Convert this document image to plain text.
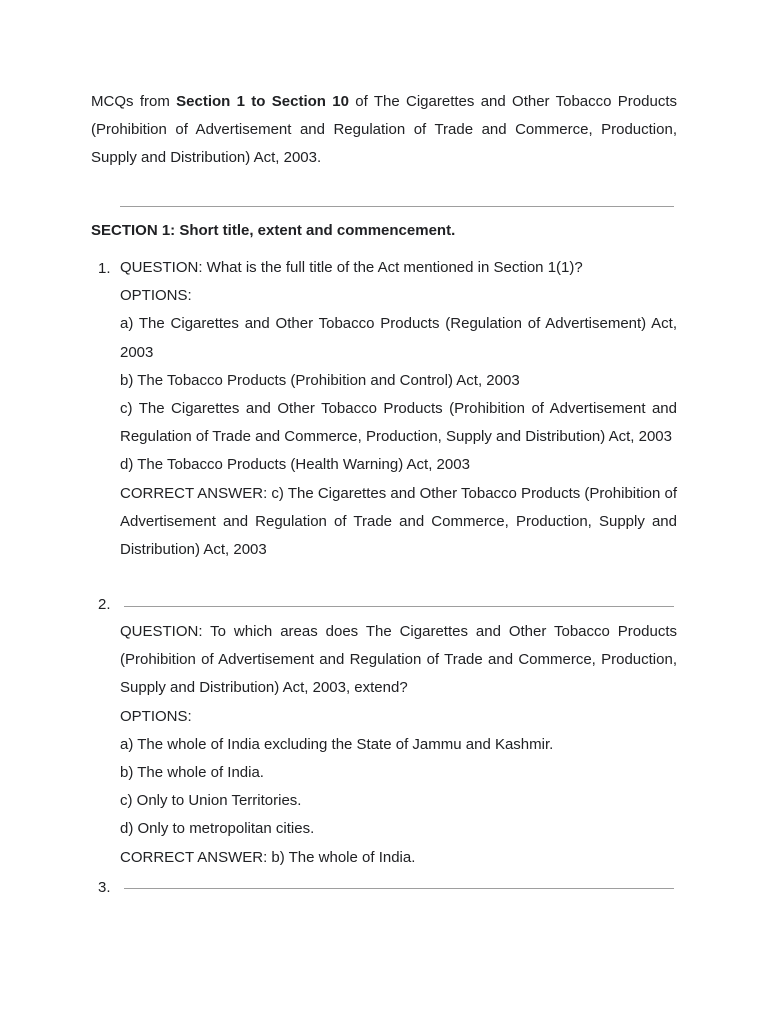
MCQs from Section 1 to Section 10 of The Cigarettes and Other Tobacco Products (Prohibition of Advertisement and Regulation of Trade and Commerce, Production, Supply and Distribution) Act, 2003.

SECTION 1: Short title, extent and commencement.
1. QUESTION: What is the full title of the Act mentioned in Section 1(1)?
OPTIONS:
a) The Cigarettes and Other Tobacco Products (Regulation of Advertisement) Act, 2003
b) The Tobacco Products (Prohibition and Control) Act, 2003
c) The Cigarettes and Other Tobacco Products (Prohibition of Advertisement and Regulation of Trade and Commerce, Production, Supply and Distribution) Act, 2003
d) The Tobacco Products (Health Warning) Act, 2003
CORRECT ANSWER: c) The Cigarettes and Other Tobacco Products (Prohibition of Advertisement and Regulation of Trade and Commerce, Production, Supply and Distribution) Act, 2003
2.
QUESTION: To which areas does The Cigarettes and Other Tobacco Products (Prohibition of Advertisement and Regulation of Trade and Commerce, Production, Supply and Distribution) Act, 2003, extend?
OPTIONS:
a) The whole of India excluding the State of Jammu and Kashmir.
b) The whole of India.
c) Only to Union Territories.
d) Only to metropolitan cities.
CORRECT ANSWER: b) The whole of India.
3.
